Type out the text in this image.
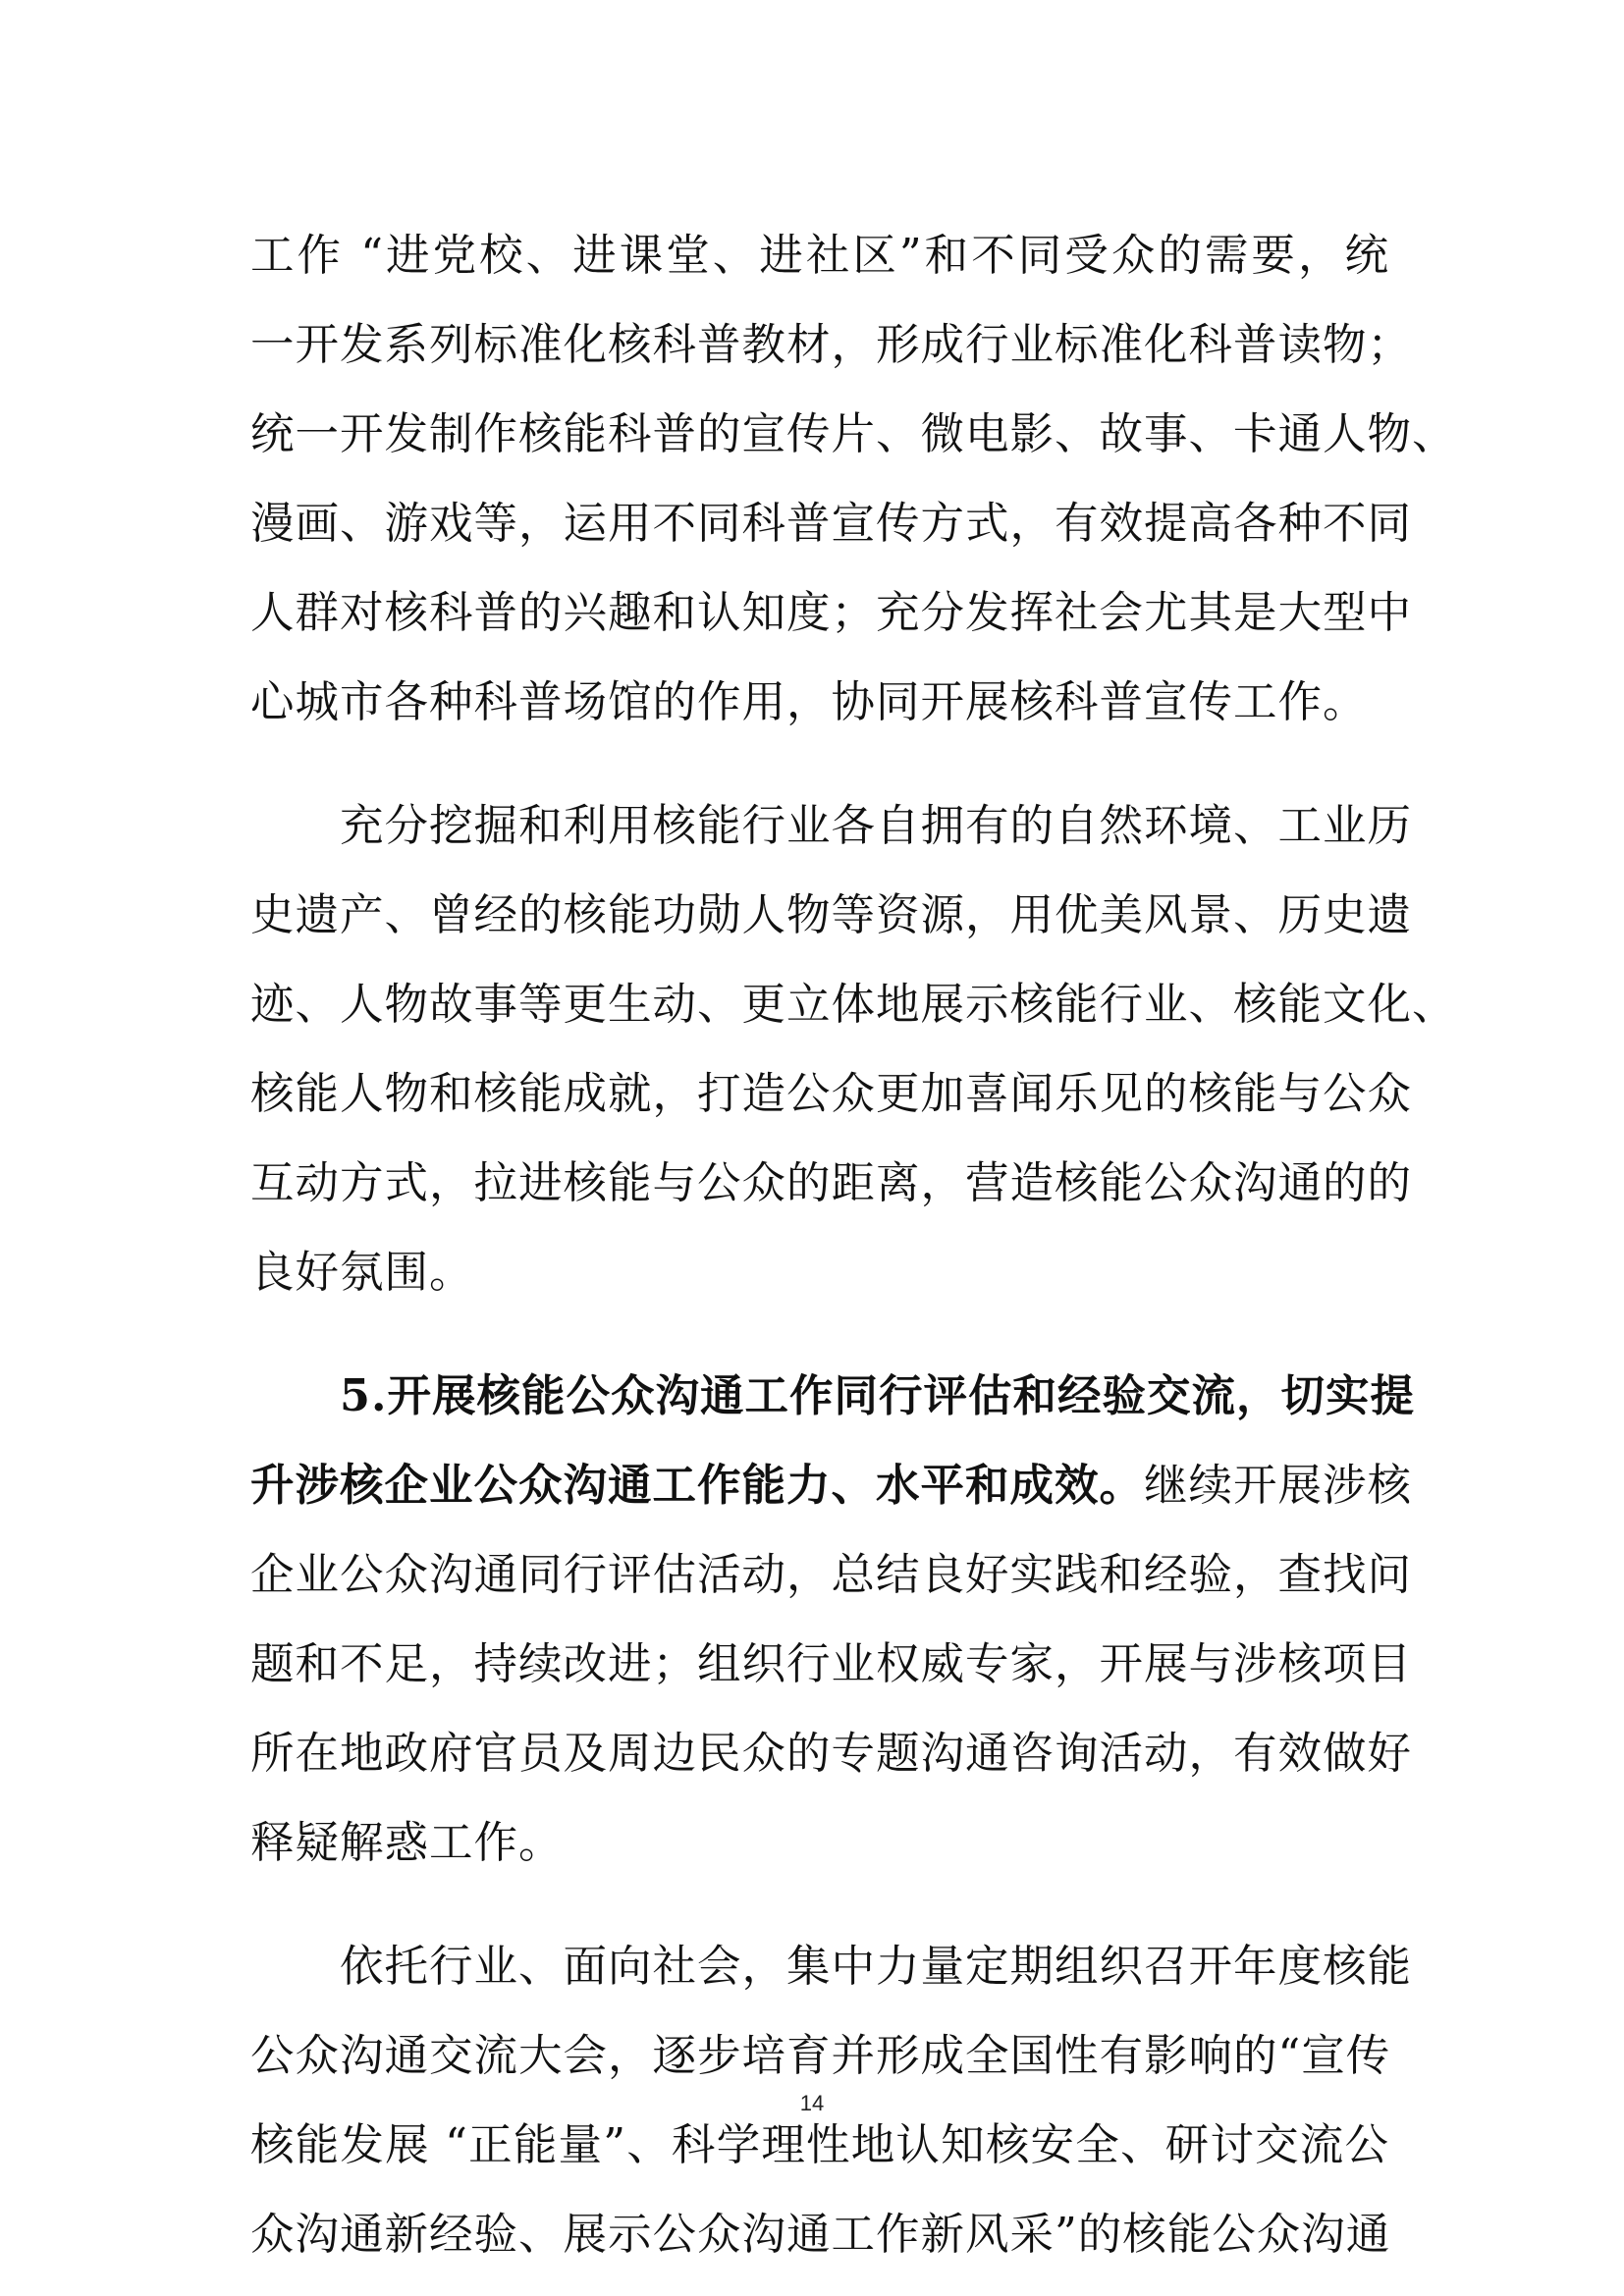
工作 “进党校、进课堂、进社区”和不同受众的需要，统
一开发系列标准化核科普教材，形成行业标准化科普读物；
统一开发制作核能科普的宣传片、微电影、故事、卡通人物、
漫画、游戏等，运用不同科普宣传方式，有效提高各种不同
人群对核科普的兴趣和认知度；充分发挥社会尤其是大型中
心城市各种科普场馆的作用，协同开展核科普宣传工作。
　　充分挖掘和利用核能行业各自拥有的自然环境、工业历
史遗产、曾经的核能功勋人物等资源，用优美风景、历史遗
迹、人物故事等更生动、更立体地展示核能行业、核能文化、
核能人物和核能成就，打造公众更加喜闻乐见的核能与公众
互动方式，拉进核能与公众的距离，营造核能公众沟通的的
良好氛围。
　　5.开展核能公众沟通工作同行评估和经验交流，切实提
升涉核企业公众沟通工作能力、水平和成效。继续开展涉核
企业公众沟通同行评估活动，总结良好实践和经验，查找问
题和不足，持续改进；组织行业权威专家，开展与涉核项目
所在地政府官员及周边民众的专题沟通咨询活动，有效做好
释疑解惑工作。
　　依托行业、面向社会，集中力量定期组织召开年度核能
公众沟通交流大会，逐步培育并形成全国性有影响的“宣传
核能发展 “正能量”、科学理性地认知核安全、研讨交流公
众沟通新经验、展示公众沟通工作新风采”的核能公众沟通
14
